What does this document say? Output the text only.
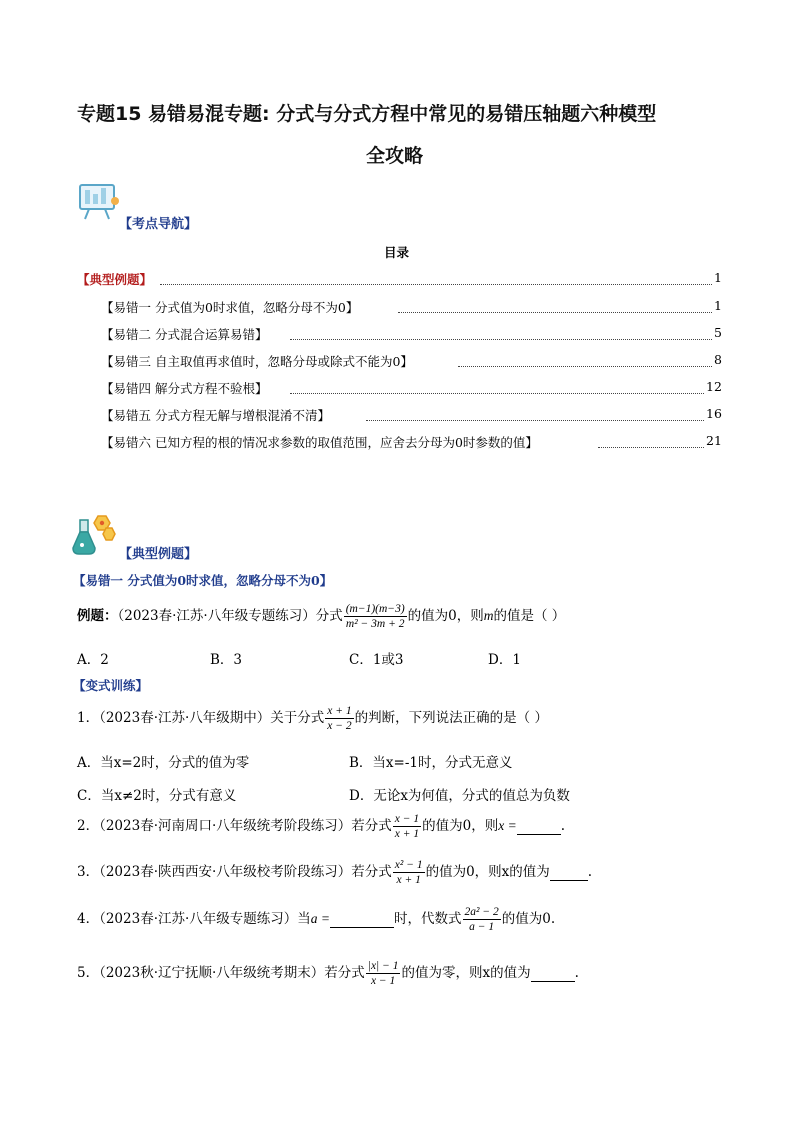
专题15 易错易混专题: 分式与分式方程中常见的易错压轴题六种模型
全攻略
【考点导航】
目录
【典型例题】	1
【易错一 分式值为0时求值，忽略分母不为0】	1
【易错二 分式混合运算易错】	5
【易错三 自主取值再求值时，忽略分母或除式不能为0】	8
【易错四 解分式方程不验根】	12
【易错五 分式方程无解与增根混淆不清】	16
【易错六 已知方程的根的情况求参数的取值范围，应舍去分母为0时参数的值】	21
【典型例题】
【易错一 分式值为0时求值，忽略分母不为0】
例题：（2023春·江苏·八年级专题练习）分式 $\frac{(m-1)(m-3)}{\text{m² − 3m + 2}}$ 的值为0，则m的值是（ ）
A．2	B．3	C．1或3	D．1
【变式训练】
1．（2023春·江苏·八年级期中）关于分式 $\frac{x + 1}{x - 2}$ 的判断，下列说法正确的是（ ）
A．当x=2时，分式的值为零	B．当x=-1时，分式无意义
C．当x≠2时，分式有意义	D．无论x为何值，分式的值总为负数
2．（2023春·河南周口·八年级统考阶段练习）若分式 $\frac{x - 1}{x + 1}$ 的值为0，则x =	.
3．（2023春·陕西西安·八年级校考阶段练习）若分式 $\frac{\text{x² − 1}}{x + 1}$ 的值为0，则x的值为	.
4．（2023春·江苏·八年级专题练习）当a =	时，代数式 $\frac{\text{2a² − 2}}{a - 1}$ 的值为0.
5．（2023秋·辽宁抚顺·八年级统考期末）若分式 $\frac{|x| - 1}{x - 1}$ 的值为零，则x的值为	.
